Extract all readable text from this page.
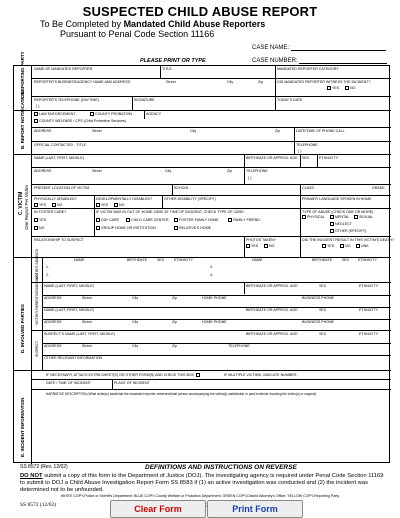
SUSPECTED CHILD ABUSE REPORT
To Be Completed by Mandated Child Abuse Reporters
Pursuant to Penal Code Section 11166
CASE NAME:
CASE NUMBER:
PLEASE PRINT OR TYPE
A. REPORTING PARTY	NAME OF MANDATED REPORTER	TITLE	MANDATED REPORTER CATEGORY
REPORTER'S BUSINESS/AGENCY NAME AND ADDRESS	Street	City	Zip	DID MANDATED REPORTER WITNESS THE INCIDENT?
YES	NO
REPORTER'S TELEPHONE (DAYTIME)
( )
SIGNATURE	TODAY'S DATE
B. REPORT NOTIFICATION	LAW ENFORCEMENT	COUNTY PROBATION	AGENCY
COUNTY WELFARE / CPS (Child Protective Services)
ADDRESS	Street	City	Zip	DATE/TIME OF PHONE CALL
OFFICIAL CONTACTED - TITLE	TELEPHONE
( )
C. VICTIM One Report Per Victim
NAME (LAST, FIRST, MIDDLE)	BIRTHDATE OR APPROX. AGE SEX	ETHNICITY
ADDRESS	Street	City	Zip	TELEPHONE
( )
PRESENT LOCATION OF VICTIM	SCHOOL	CLASS	GRADE
PHYSICALLY DISABLED?
YES	NO
DEVELOPMENTALLY DISABLED?
YES	NO
OTHER DISABILITY (SPECIFY)	PRIMARY LANGUAGE SPOKEN IN HOME
IN FOSTER CARE?
YES
NO
IF VICTIM WAS IN OUT-OF-HOME CARE AT TIME OF INCIDENT, CHECK TYPE OF CARE:
DAY CARE	CHILD CARE CENTER	FOSTER FAMILY HOME	FAMILY FRIEND
GROUP HOME OR INSTITUTION	RELATIVE'S HOME
TYPE OF ABUSE (CHECK ONE OR MORE)
PHYSICAL	MENTAL	SEXUAL
NEGLECT
OTHER (SPECIFY)
RELATIONSHIP TO SUSPECT	PHOTOS TAKEN?
YES	NO
DID THE INCIDENT RESULT IN THIS VICTIM'S DEATH?
YES	NO	UNK
D. INVOLVED PARTIES
VICTIM'S SIBLINGS	NAME	BIRTHDATE	SEX	ETHNICITY	NAME	BIRTHDATE	SEX ETHNICITY
1.	3.
2.	4.
VICTIM'S PARENTS/GUARDIANS NAME (LAST, FIRST, MIDDLE)	BIRTHDATE OR APPROX. AGE	SEX	ETHNICITY
ADDRESS	Street	City	Zip	HOME PHONE	BUSINESS PHONE
NAME (LAST, FIRST, MIDDLE)	BIRTHDATE OR APPROX. AGE	SEX	ETHNICITY
ADDRESS	Street	City	Zip	HOME PHONE	BUSINESS PHONE
SUSPECT
SUSPECT'S NAME (LAST, FIRST, MIDDLE)	BIRTHDATE OR APPROX. AGE	SEX	ETHNICITY
ADDRESS	Street	City	Zip	TELEPHONE
OTHER RELEVANT INFORMATION
E. INCIDENT INFORMATION
IF NECESSARY, ATTACH EXTRA SHEET(S) OR OTHER FORM(S) AND CHECK THIS BOX	IF MULTIPLE VICTIMS, INDICATE NUMBER:
DATE / TIME OF INCIDENT	PLACE OF INCIDENT
NARRATIVE DESCRIPTION (What victim(s) said/what the mandated reporter observed/what person accompanying the victim(s) said/similar or past incidents involving the victim(s) or suspect)
SS 8572 (Rev. 12/02)	DEFINITIONS AND INSTRUCTIONS ON REVERSE
DO NOT submit a copy of this form to the Department of Justice (DOJ). The investigating agency is required under Penal Code Section 11169 to submit to DOJ a Child Abuse Investigation Report Form SS 8583 if (1) an active investigation was conducted and (2) the incident was determined not to be unfounded.
WHITE COPY-Police or Sheriff's Department; BLUE COPY-County Welfare or Probation Department; GREEN COPY-District Attorney's Office; YELLOW COPY-Reporting Party
SS 8572 (12/02)	Clear Form	Print Form
